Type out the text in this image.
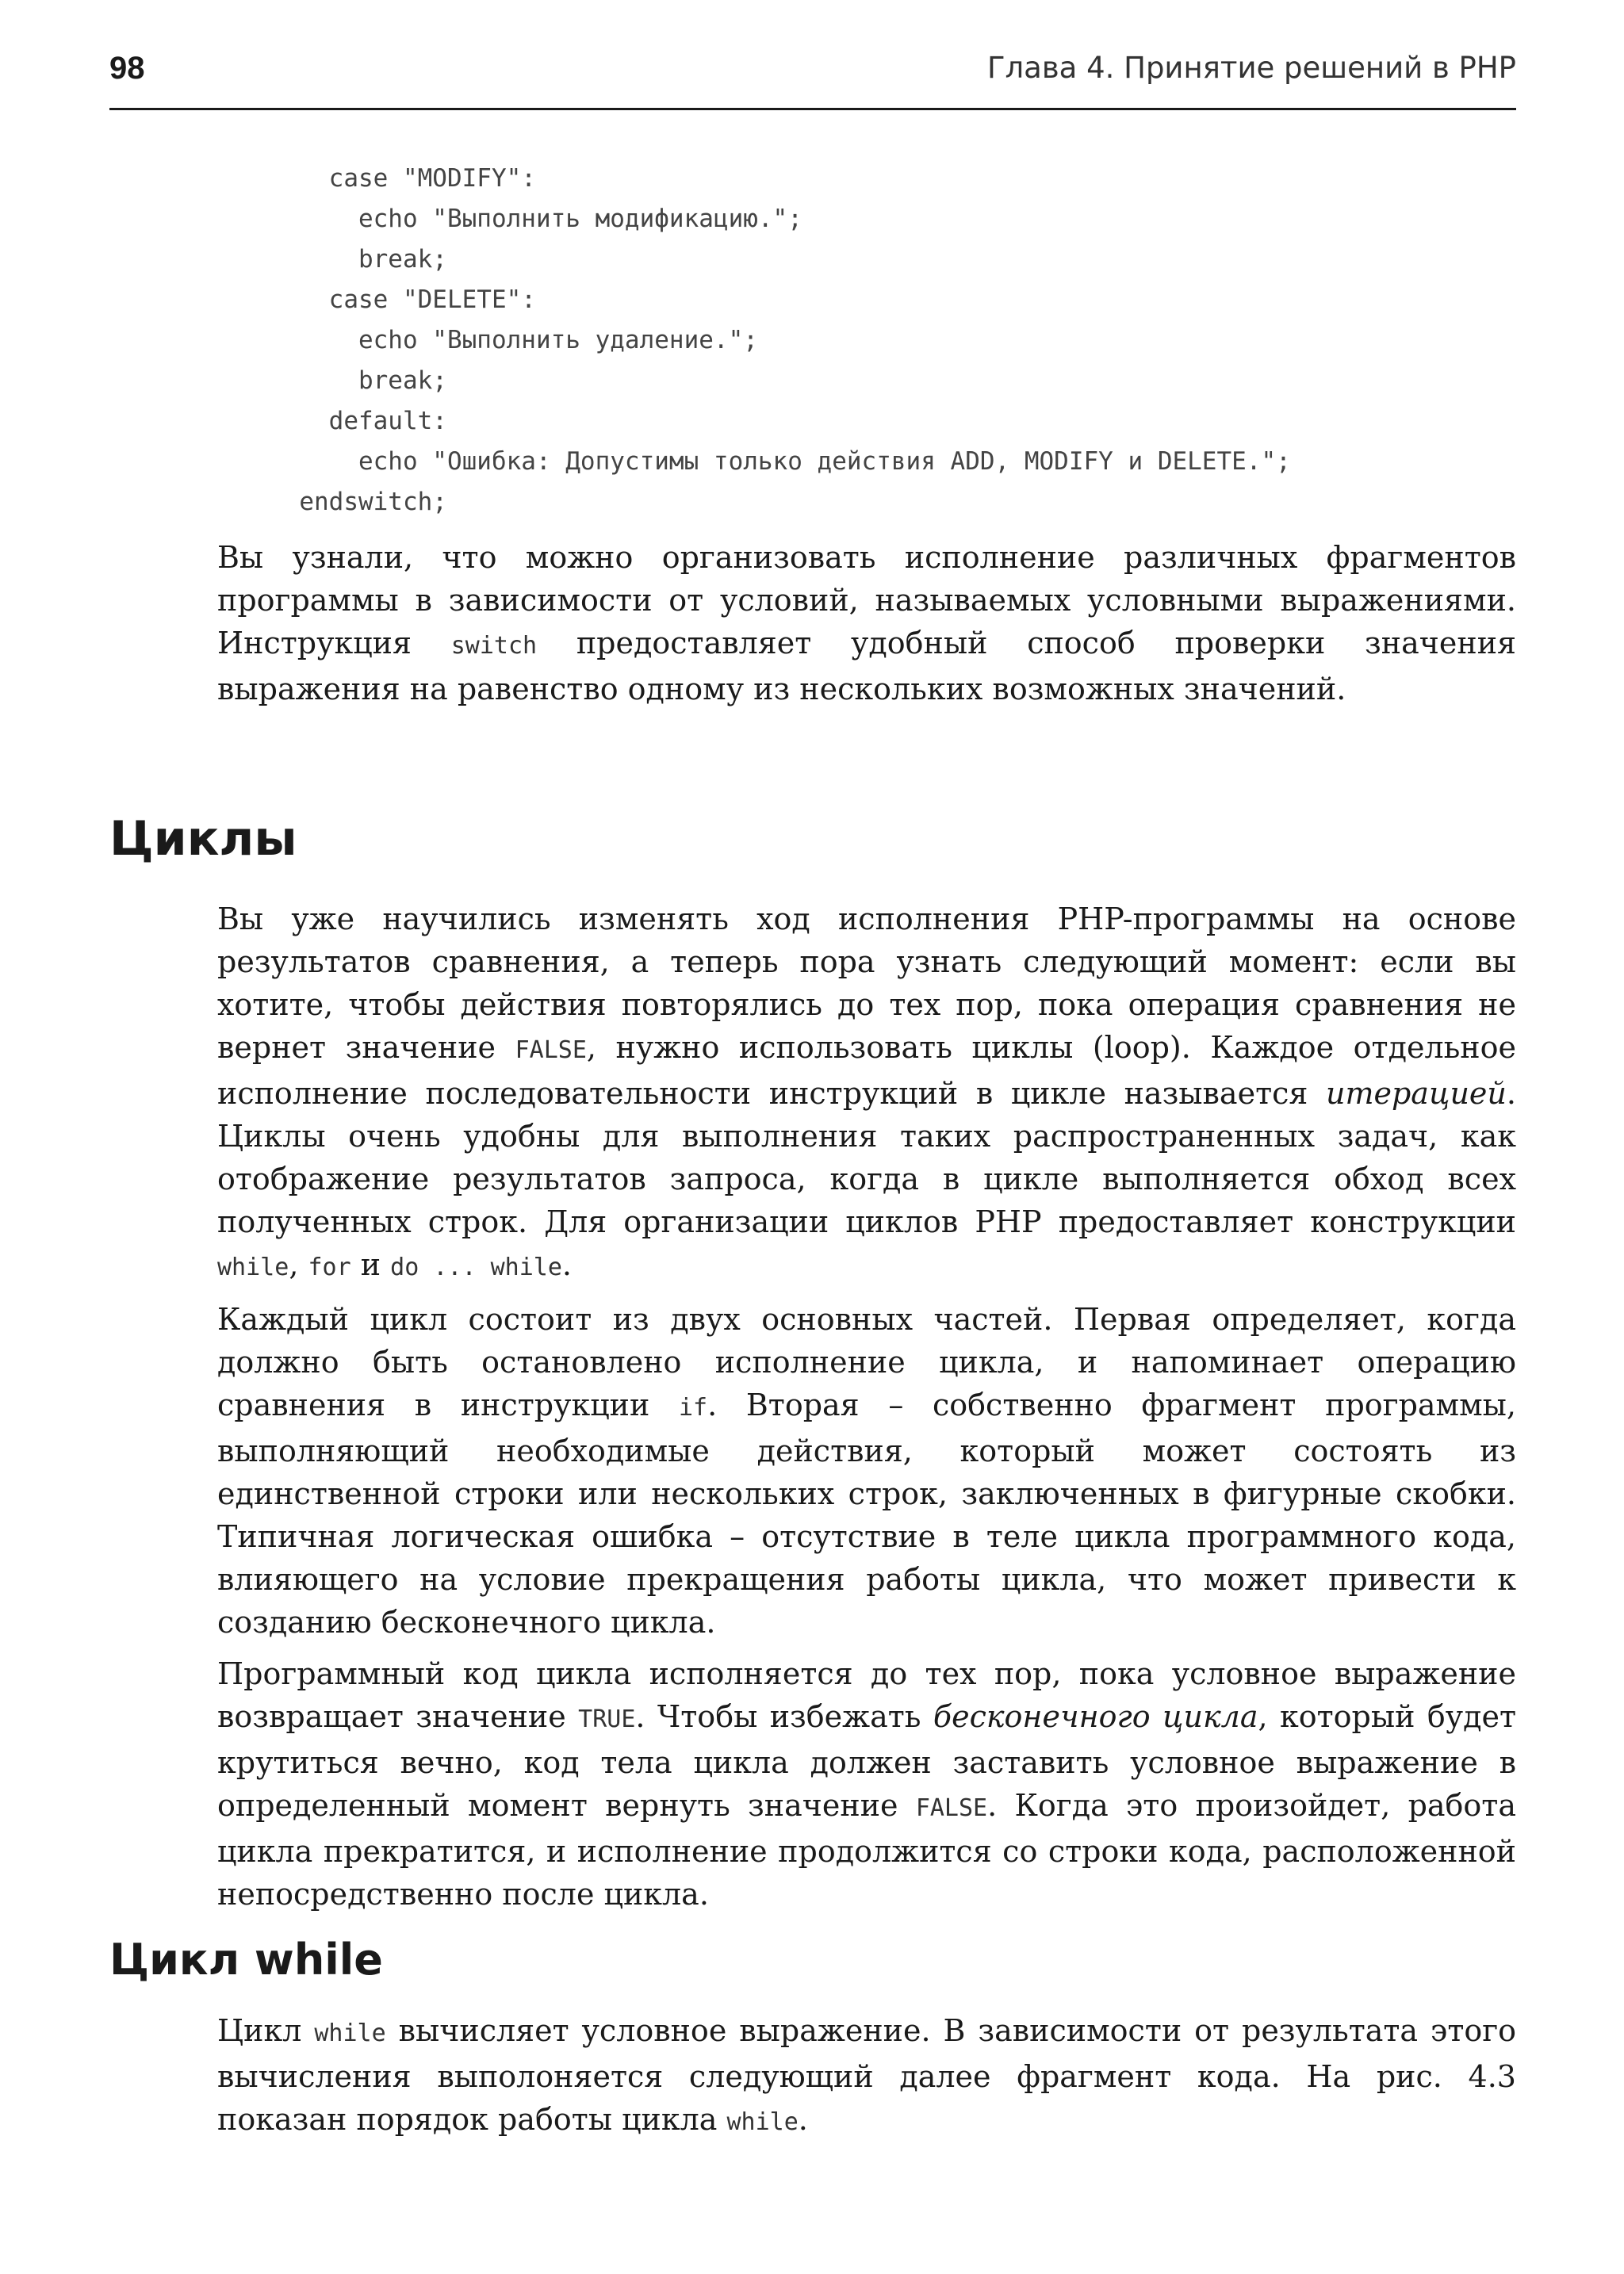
98	Глава 4. Принятие решений в PHP
case "MODIFY":
echo "Выполнить модификацию.";
break;
case "DELETE":
echo "Выполнить удаление.";
break;
default:
echo "Ошибка: Допустимы только действия ADD, MODIFY и DELETE.";
endswitch;

Вы узнали, что можно организовать исполнение различных фрагментов программы в зависимости от условий, называемых условными выражениями. Инструкция switch предоставляет удобный способ проверки значения выражения на равенство одному из нескольких возможных значений.

Циклы

Вы уже научились изменять ход исполнения PHP-программы на основе результатов сравнения, а теперь пора узнать следующий момент: если вы хотите, чтобы действия повторялись до тех пор, пока операция сравнения не вернет значение FALSE, нужно использовать циклы (loop). Каждое отдельное исполнение последовательности инструкций в цикле называется итерацией. Циклы очень удобны для выполнения таких распространенных задач, как отображение результатов запроса, когда в цикле выполняется обход всех полученных строк. Для организации циклов PHP предоставляет конструкции while, for и do ... while.

Каждый цикл состоит из двух основных частей. Первая определяет, когда должно быть остановлено исполнение цикла, и напоминает операцию сравнения в инструкции if. Вторая – собственно фрагмент программы, выполняющий необходимые действия, который может состоять из единственной строки или нескольких строк, заключенных в фигурные скобки. Типичная логическая ошибка – отсутствие в теле цикла программного кода, влияющего на условие прекращения работы цикла, что может привести к созданию бесконечного цикла.

Программный код цикла исполняется до тех пор, пока условное выражение возвращает значение TRUE. Чтобы избежать бесконечного цикла, который будет крутиться вечно, код тела цикла должен заставить условное выражение в определенный момент вернуть значение FALSE. Когда это произойдет, работа цикла прекратится, и исполнение продолжится со строки кода, расположенной непосредственно после цикла.

Цикл while

Цикл while вычисляет условное выражение. В зависимости от результата этого вычисления выполоняется следующий далее фрагмент кода. На рис. 4.3 показан порядок работы цикла while.
